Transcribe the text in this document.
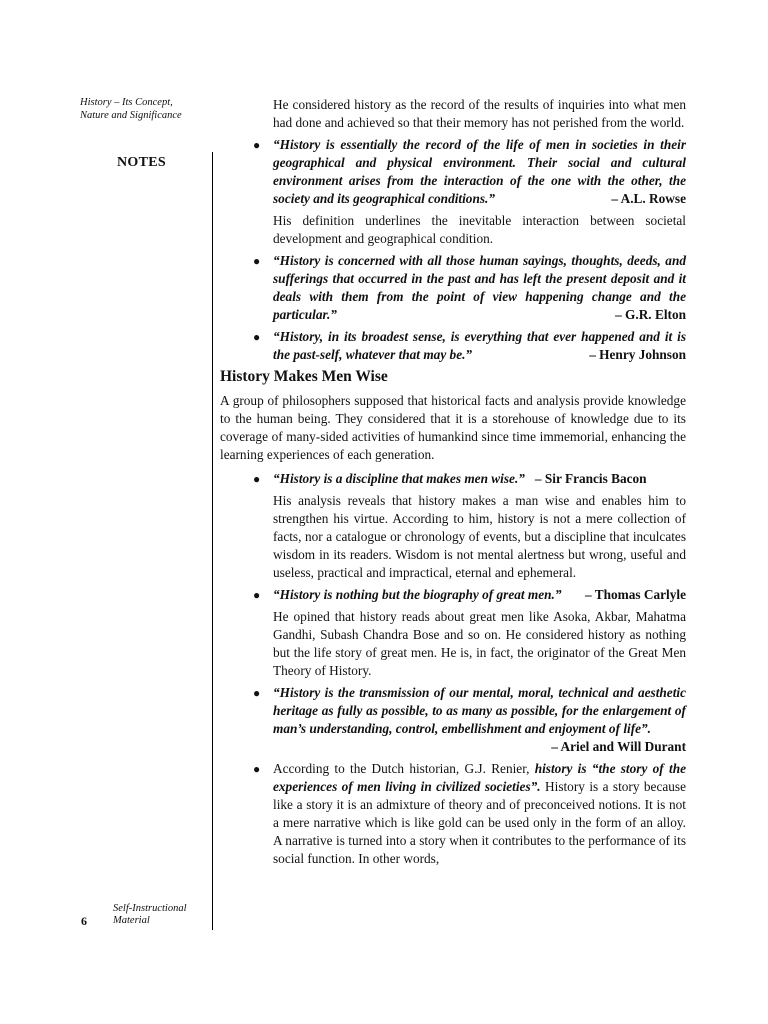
History – Its Concept,
Nature and Significance
NOTES
Self-Instructional
Material
6

He considered history as the record of the results of inquiries into what men had done and achieved so that their memory has not perished from the world.

● “History is essentially the record of the life of men in societies in their geographical and physical environment. Their social and cultural environment arises from the interaction of the one with the other, the society and its geographical conditions.”	– A.L. Rowse

His definition underlines the inevitable interaction between societal development and geographical condition.

● “History is concerned with all those human sayings, thoughts, deeds, and sufferings that occurred in the past and has left the present deposit and it deals with them from the point of view happening change and the particular.”	– G.R. Elton
● “History, in its broadest sense, is everything that ever happened and it is the past-self, whatever that may be.”	– Henry Johnson
History Makes Men Wise

A group of philosophers supposed that historical facts and analysis provide knowledge to the human being. They considered that it is a storehouse of knowledge due to its coverage of many-sided activities of humankind since time immemorial, enhancing the learning experiences of each generation.

● “History is a discipline that makes men wise.” – Sir Francis Bacon

His analysis reveals that history makes a man wise and enables him to strengthen his virtue. According to him, history is not a mere collection of facts, nor a catalogue or chronology of events, but a discipline that inculcates wisdom in its readers. Wisdom is not mental alertness but wrong, useful and useless, practical and impractical, eternal and ephemeral.

● “History is nothing but the biography of great men.” – Thomas Carlyle

He opined that history reads about great men like Asoka, Akbar, Mahatma Gandhi, Subash Chandra Bose and so on. He considered history as nothing but the life story of great men. He is, in fact, the originator of the Great Men Theory of History.

● “History is the transmission of our mental, moral, technical and aesthetic heritage as fully as possible, to as many as possible, for the enlargement of man’s understanding, control, embellishment and enjoyment of life”.
– Ariel and Will Durant
● According to the Dutch historian, G.J. Renier, history is “the story of the experiences of men living in civilized societies”. History is a story because like a story it is an admixture of theory and of preconceived notions. It is not a mere narrative which is like gold can be used only in the form of an alloy. A narrative is turned into a story when it contributes to the performance of its social function. In other words,
